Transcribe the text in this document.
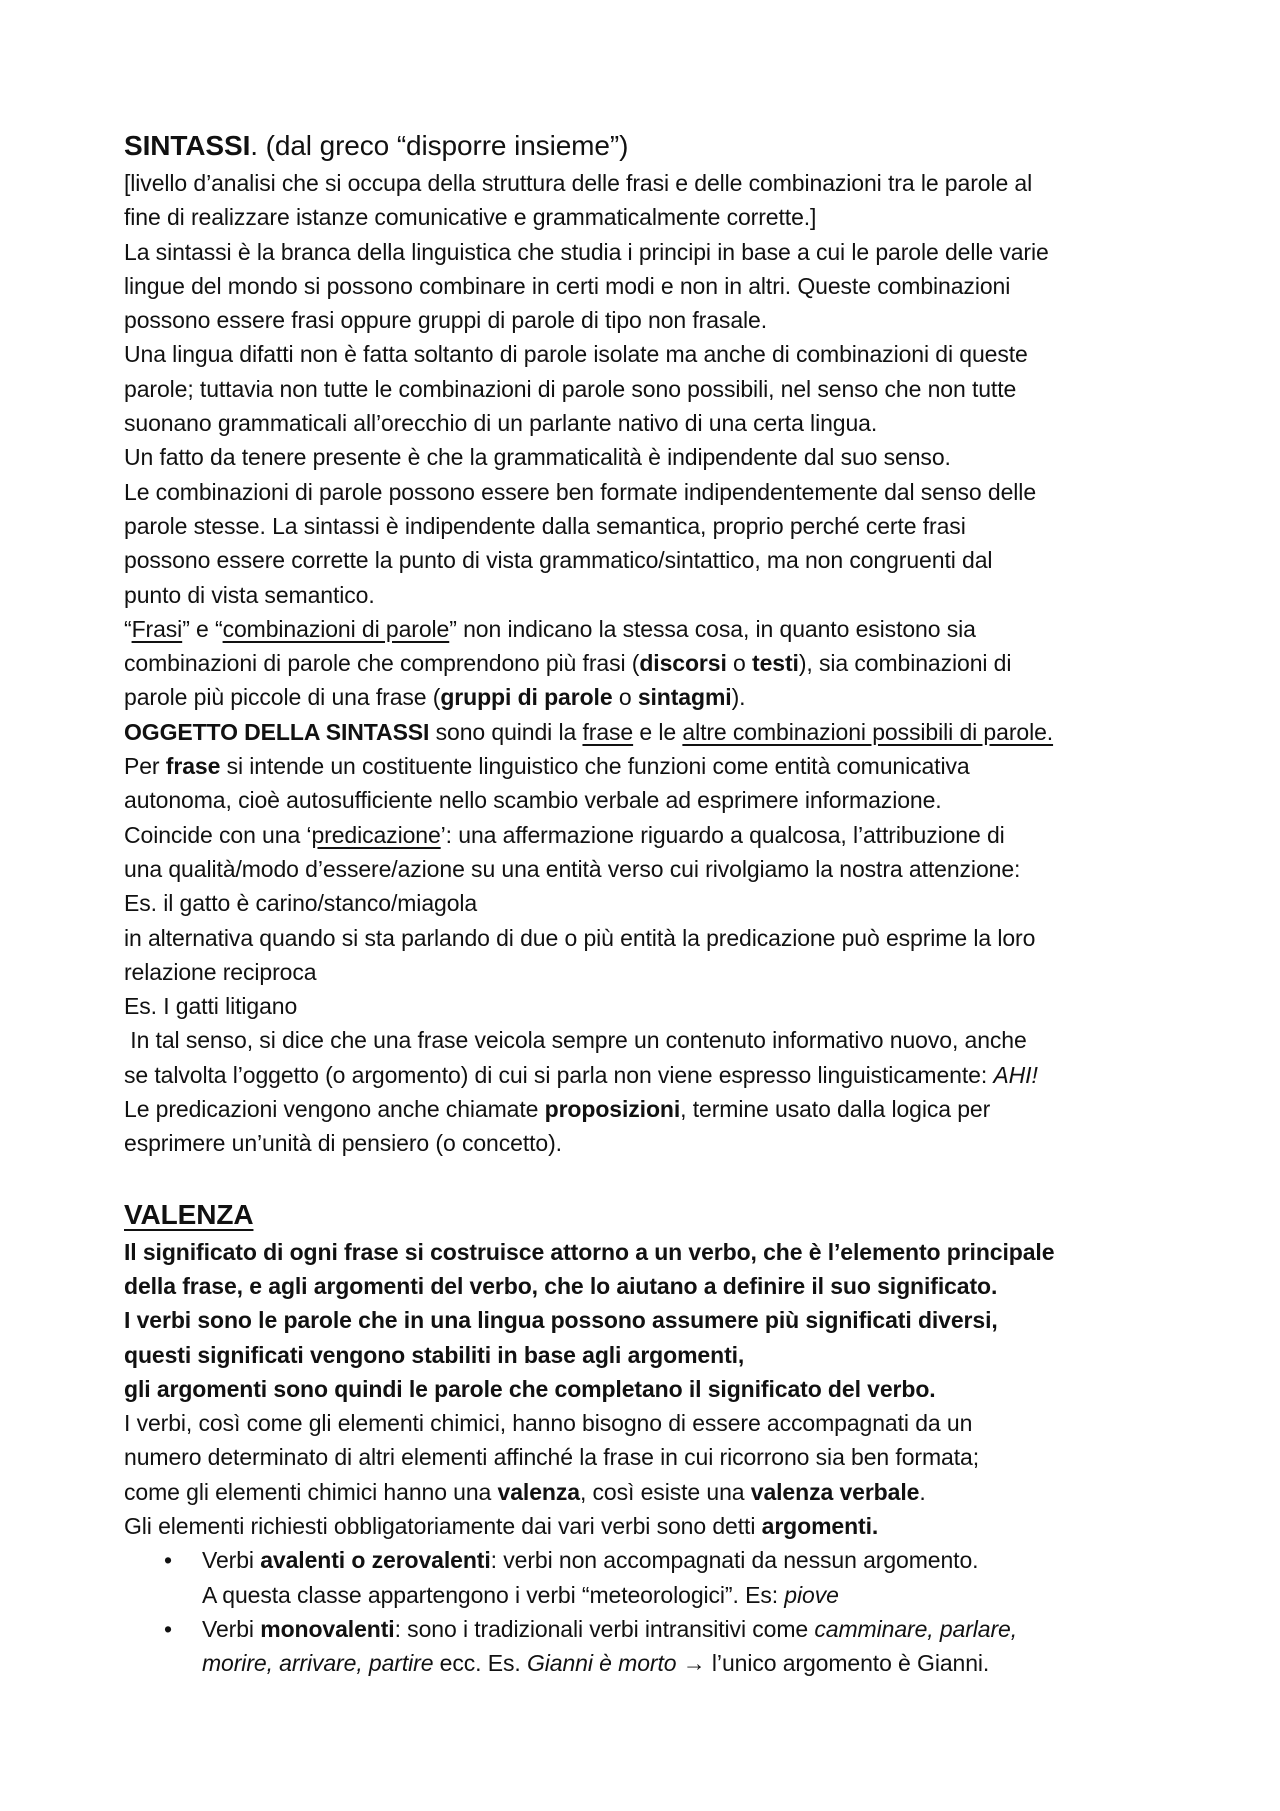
SINTASSI. (dal greco “disporre insieme”)
[livello d’analisi che si occupa della struttura delle frasi e delle combinazioni tra le parole al
fine di realizzare istanze comunicative e grammaticalmente corrette.]
La sintassi è la branca della linguistica che studia i principi in base a cui le parole delle varie
lingue del mondo si possono combinare in certi modi e non in altri. Queste combinazioni
possono essere frasi oppure gruppi di parole di tipo non frasale.
Una lingua difatti non è fatta soltanto di parole isolate ma anche di combinazioni di queste
parole; tuttavia non tutte le combinazioni di parole sono possibili, nel senso che non tutte
suonano grammaticali all’orecchio di un parlante nativo di una certa lingua.
Un fatto da tenere presente è che la grammaticalità è indipendente dal suo senso.
Le combinazioni di parole possono essere ben formate indipendentemente dal senso delle
parole stesse. La sintassi è indipendente dalla semantica, proprio perché certe frasi
possono essere corrette la punto di vista grammatico/sintattico, ma non congruenti dal
punto di vista semantico.
“Frasi” e “combinazioni di parole” non indicano la stessa cosa, in quanto esistono sia
combinazioni di parole che comprendono più frasi (discorsi o testi), sia combinazioni di
parole più piccole di una frase (gruppi di parole o sintagmi).
OGGETTO DELLA SINTASSI sono quindi la frase e le altre combinazioni possibili di parole.
Per frase si intende un costituente linguistico che funzioni come entità comunicativa
autonoma, cioè autosufficiente nello scambio verbale ad esprimere informazione.
Coincide con una ‘predicazione’: una affermazione riguardo a qualcosa, l’attribuzione di
una qualità/modo d’essere/azione su una entità verso cui rivolgiamo la nostra attenzione:
Es. il gatto è carino/stanco/miagola
in alternativa quando si sta parlando di due o più entità la predicazione può esprime la loro
relazione reciproca
Es. I gatti litigano
In tal senso, si dice che una frase veicola sempre un contenuto informativo nuovo, anche
se talvolta l’oggetto (o argomento) di cui si parla non viene espresso linguisticamente: AHI!
Le predicazioni vengono anche chiamate proposizioni, termine usato dalla logica per
esprimere un’unità di pensiero (o concetto).
VALENZA
Il significato di ogni frase si costruisce attorno a un verbo, che è l’elemento principale
della frase, e agli argomenti del verbo, che lo aiutano a definire il suo significato.
I verbi sono le parole che in una lingua possono assumere più significati diversi,
questi significati vengono stabiliti in base agli argomenti,
gli argomenti sono quindi le parole che completano il significato del verbo.
I verbi, così come gli elementi chimici, hanno bisogno di essere accompagnati da un
numero determinato di altri elementi affinché la frase in cui ricorrono sia ben formata;
come gli elementi chimici hanno una valenza, così esiste una valenza verbale.
Gli elementi richiesti obbligatoriamente dai vari verbi sono detti argomenti.
• Verbi avalenti o zerovalenti: verbi non accompagnati da nessun argomento.
A questa classe appartengono i verbi “meteorologici”. Es: piove
• Verbi monovalenti: sono i tradizionali verbi intransitivi come camminare, parlare,
morire, arrivare, partire ecc. Es. Gianni è morto → l’unico argomento è Gianni.
